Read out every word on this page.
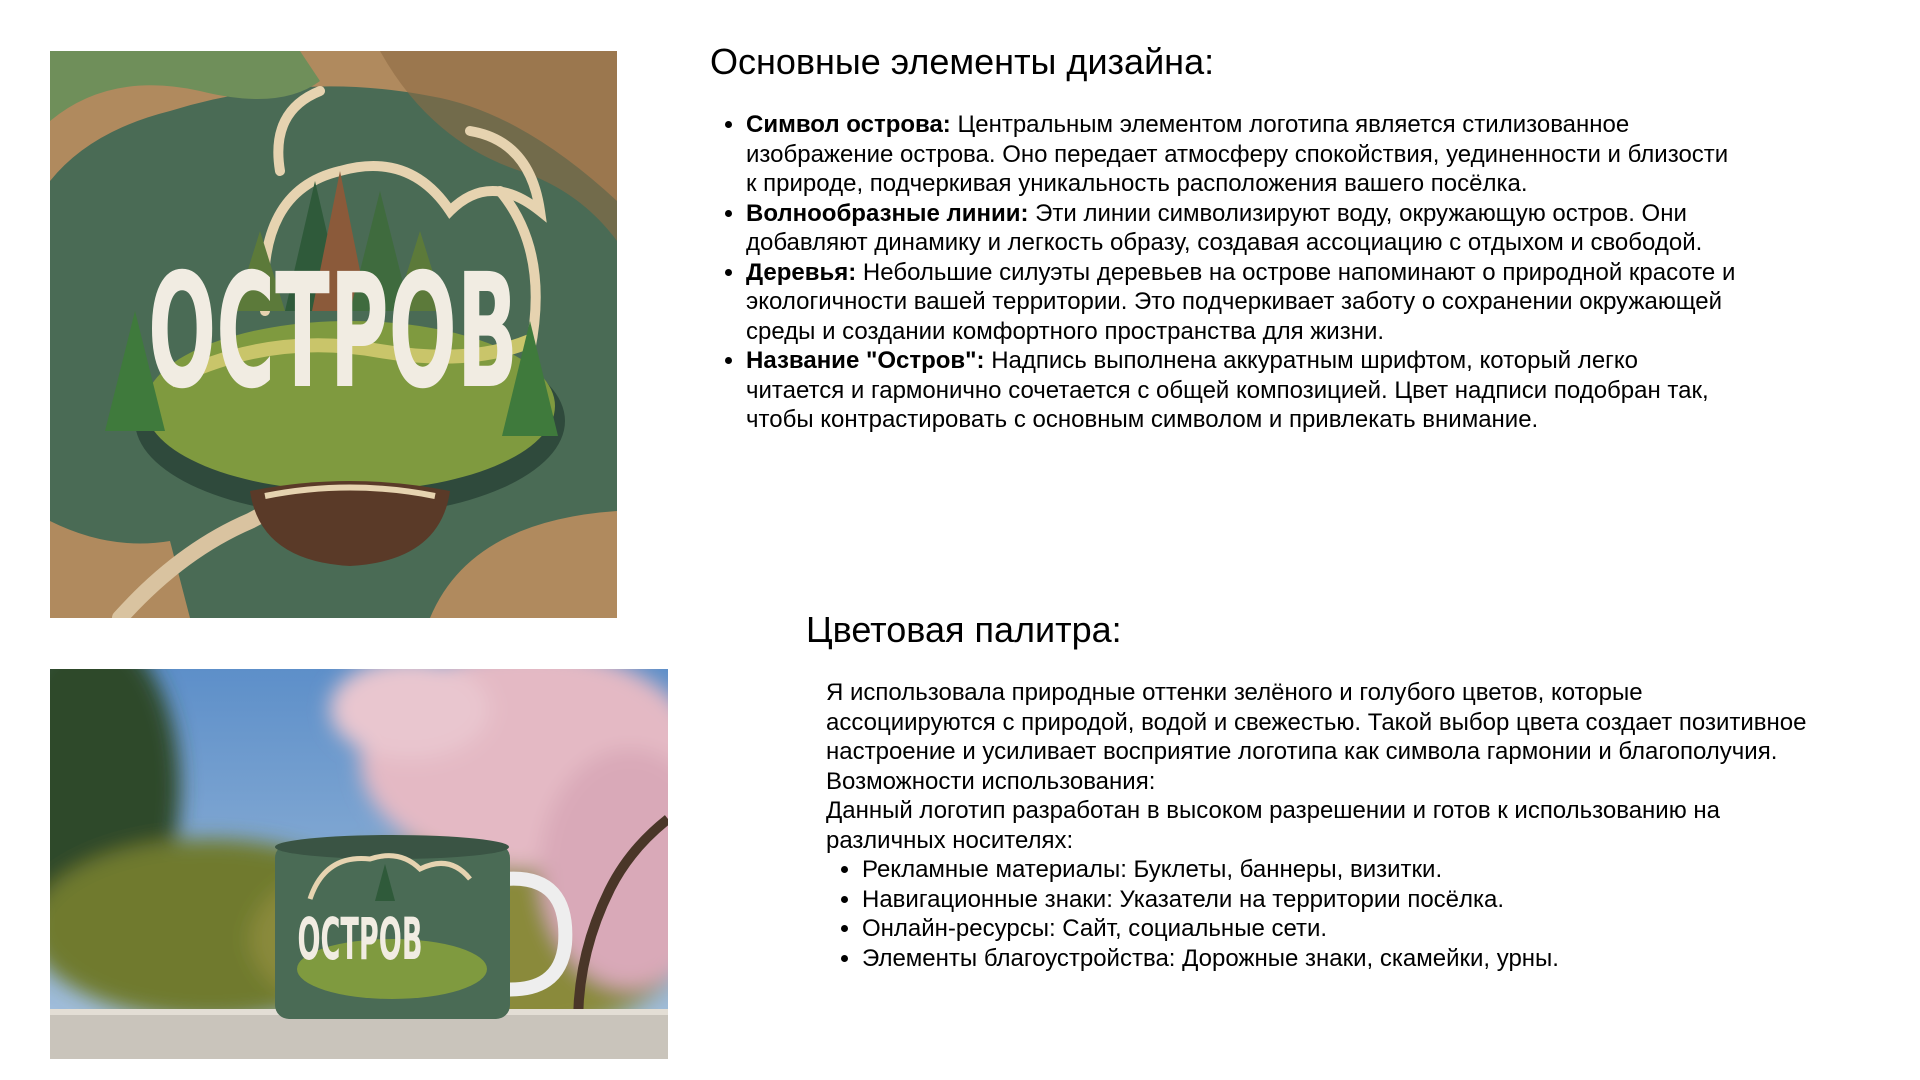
ОСТРОВ
ОСТРОВ
Основные элементы дизайна:
• Символ острова: Центральным элементом логотипа является стилизованное изображение острова. Оно передает атмосферу спокойствия, уединенности и близости к природе, подчеркивая уникальность расположения вашего посёлка.
• Волнообразные линии: Эти линии символизируют воду, окружающую остров. Они добавляют динамику и легкость образу, создавая ассоциацию с отдыхом и свободой.
• Деревья: Небольшие силуэты деревьев на острове напоминают о природной красоте и экологичности вашей территории. Это подчеркивает заботу о сохранении окружающей среды и создании комфортного пространства для жизни.
• Название "Остров": Надпись выполнена аккуратным шрифтом, который легко читается и гармонично сочетается с общей композицией. Цвет надписи подобран так, чтобы контрастировать с основным символом и привлекать внимание.
Цветовая палитра:

Я использовала природные оттенки зелёного и голубого цветов, которые ассоциируются с природой, водой и свежестью. Такой выбор цвета создает позитивное настроение и усиливает восприятие логотипа как символа гармонии и благополучия.

Возможности использования:

Данный логотип разработан в высоком разрешении и готов к использованию на различных носителях:

• Рекламные материалы: Буклеты, баннеры, визитки.
• Навигационные знаки: Указатели на территории посёлка.
• Онлайн-ресурсы: Сайт, социальные сети.
• Элементы благоустройства: Дорожные знаки, скамейки, урны.
